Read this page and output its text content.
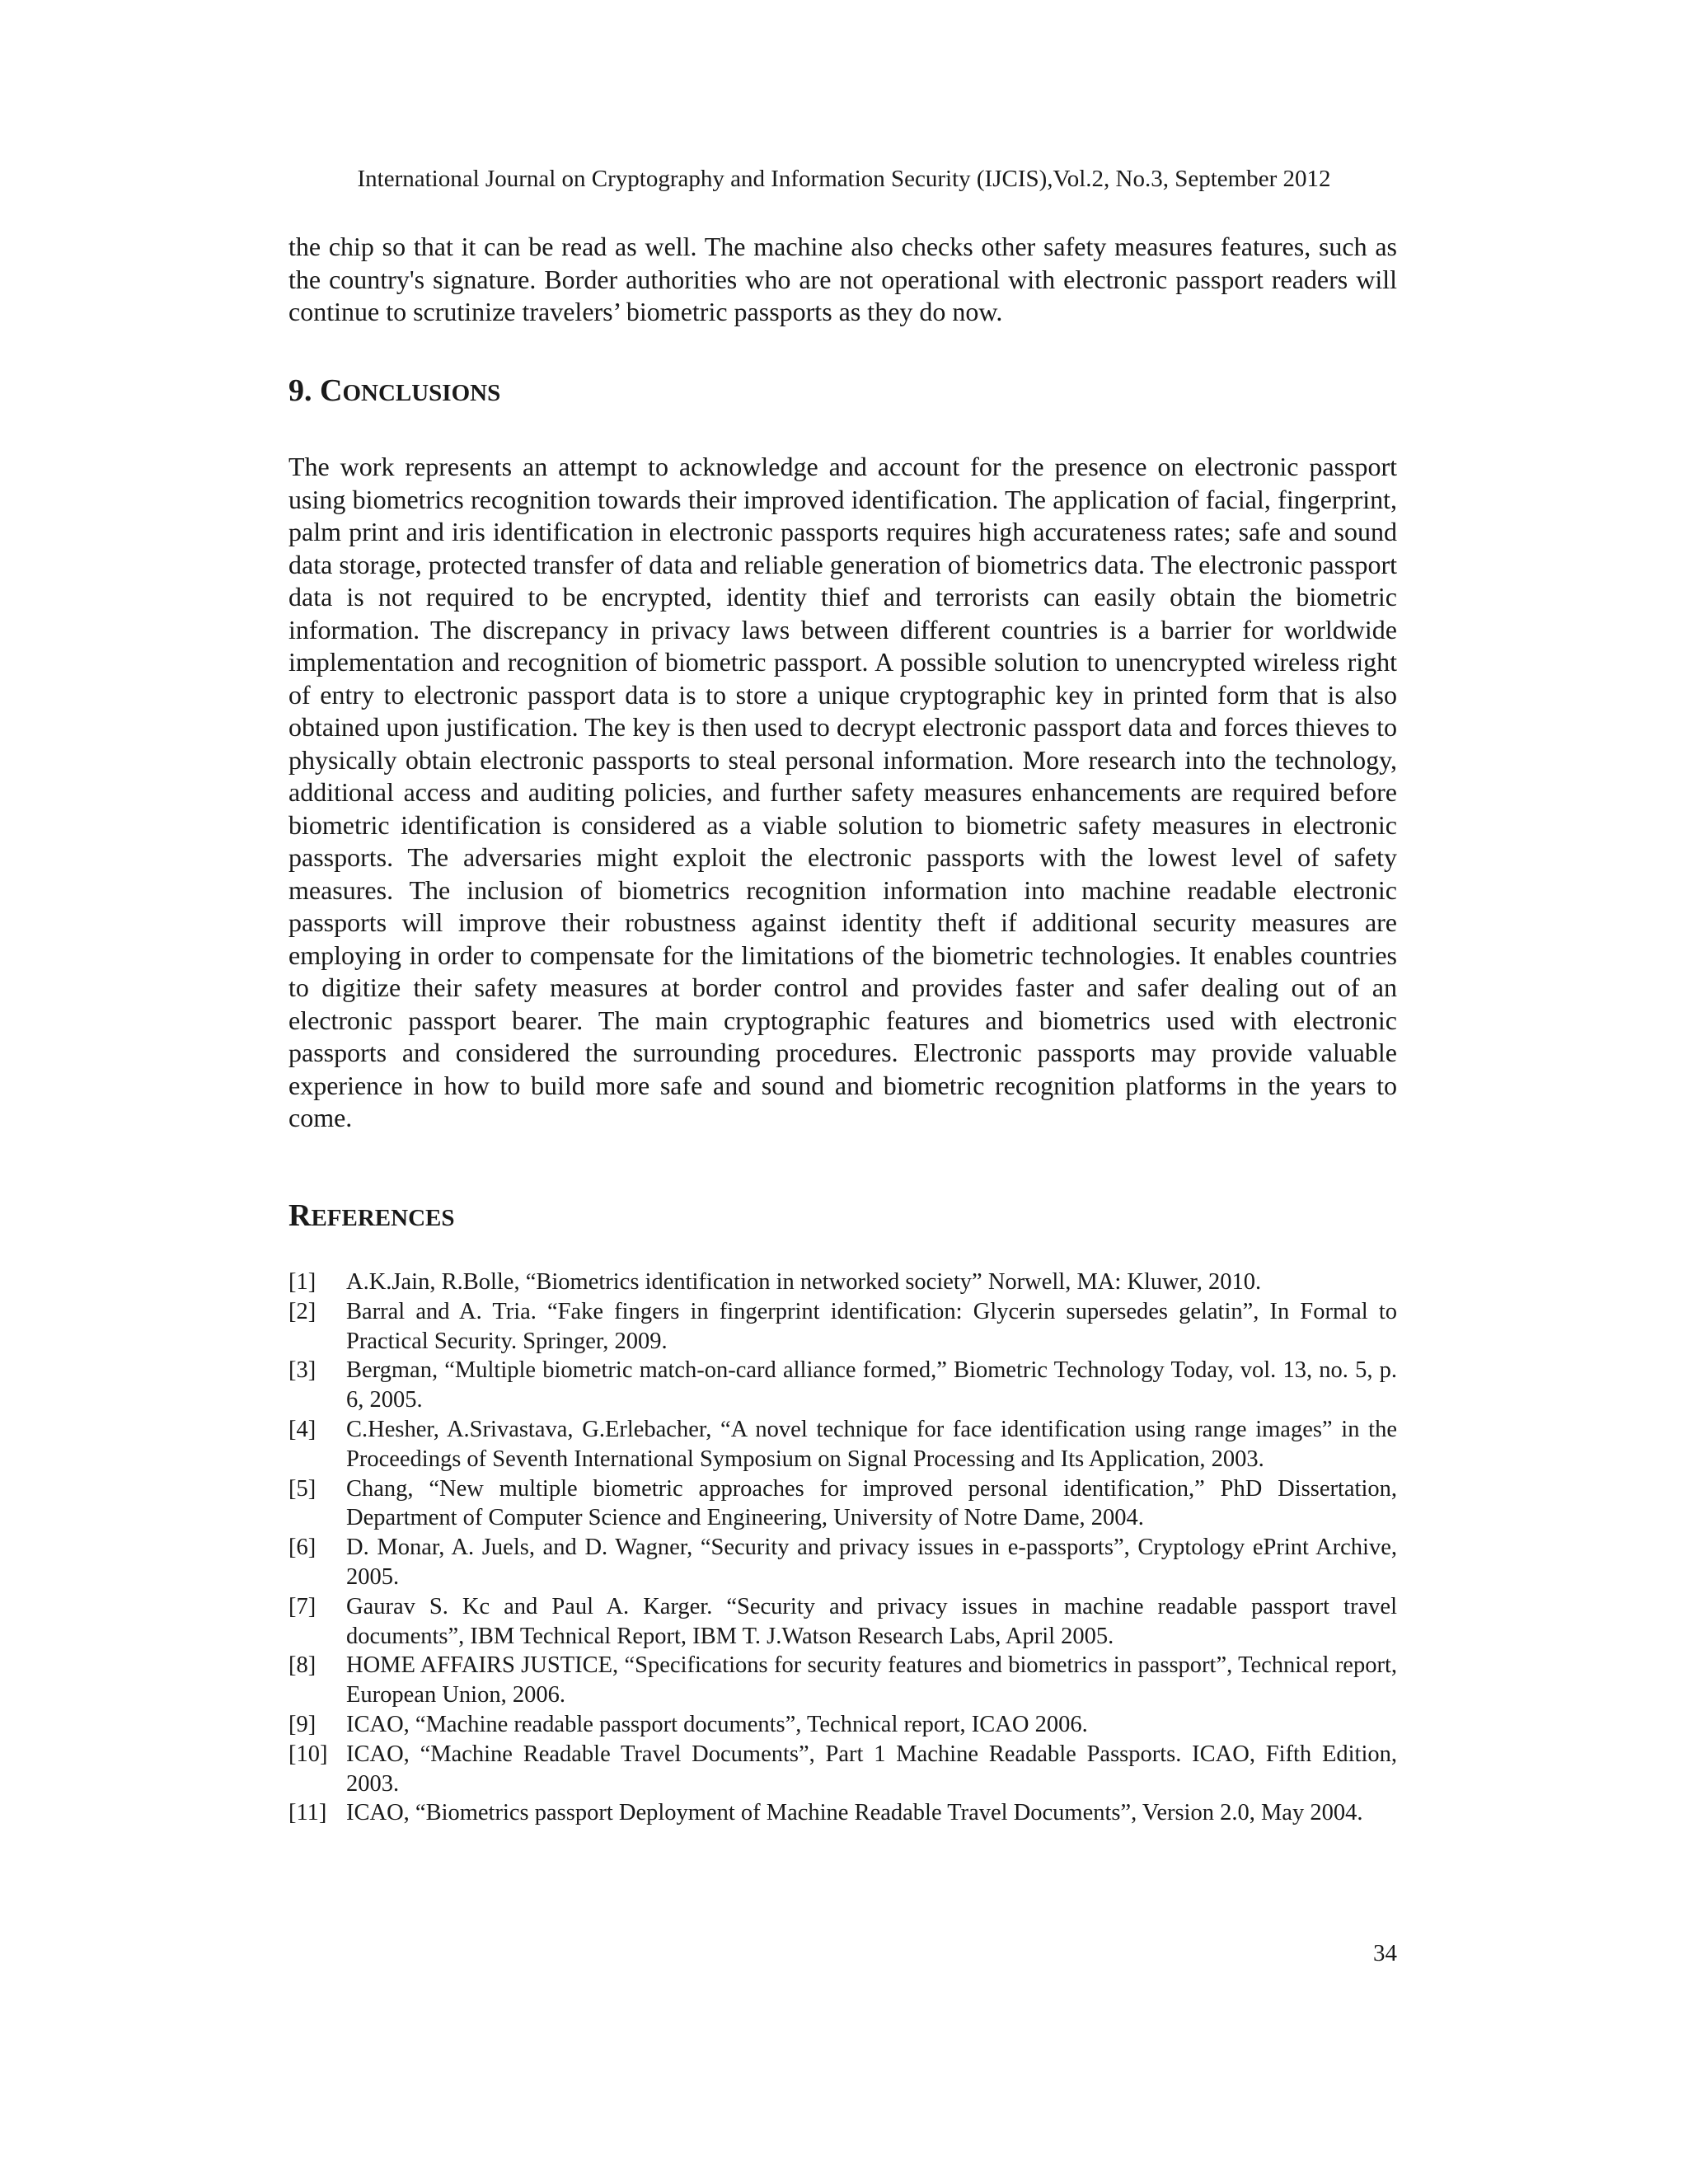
International Journal on Cryptography and Information Security (IJCIS),Vol.2, No.3, September 2012

the chip so that it can be read as well. The machine also checks other safety measures features, such as the country's signature. Border authorities who are not operational with electronic passport readers will continue to scrutinize travelers’ biometric passports as they do now.

9. CONCLUSIONS

The work represents an attempt to acknowledge and account for the presence on electronic passport using biometrics recognition towards their improved identification. The application of facial, fingerprint, palm print and iris identification in electronic passports requires high accurateness rates; safe and sound data storage, protected transfer of data and reliable generation of biometrics data. The electronic passport data is not required to be encrypted, identity thief and terrorists can easily obtain the biometric information. The discrepancy in privacy laws between different countries is a barrier for worldwide implementation and recognition of biometric passport. A possible solution to unencrypted wireless right of entry to electronic passport data is to store a unique cryptographic key in printed form that is also obtained upon justification. The key is then used to decrypt electronic passport data and forces thieves to physically obtain electronic passports to steal personal information. More research into the technology, additional access and auditing policies, and further safety measures enhancements are required before biometric identification is considered as a viable solution to biometric safety measures in electronic passports. The adversaries might exploit the electronic passports with the lowest level of safety measures. The inclusion of biometrics recognition information into machine readable electronic passports will improve their robustness against identity theft if additional security measures are employing in order to compensate for the limitations of the biometric technologies. It enables countries to digitize their safety measures at border control and provides faster and safer dealing out of an electronic passport bearer. The main cryptographic features and biometrics used with electronic passports and considered the surrounding procedures. Electronic passports may provide valuable experience in how to build more safe and sound and biometric recognition platforms in the years to come.

REFERENCES
[1] A.K.Jain, R.Bolle, “Biometrics identification in networked society” Norwell, MA: Kluwer, 2010.
[2] Barral and A. Tria. “Fake fingers in fingerprint identification: Glycerin supersedes gelatin”, In Formal to Practical Security. Springer, 2009.
[3] Bergman, “Multiple biometric match-on-card alliance formed,” Biometric Technology Today, vol. 13, no. 5, p. 6, 2005.
[4] C.Hesher, A.Srivastava, G.Erlebacher, “A novel technique for face identification using range images” in the Proceedings of Seventh International Symposium on Signal Processing and Its Application, 2003.
[5] Chang, “New multiple biometric approaches for improved personal identification,” PhD Dissertation, Department of Computer Science and Engineering, University of Notre Dame, 2004.
[6] D. Monar, A. Juels, and D. Wagner, “Security and privacy issues in e-passports”, Cryptology ePrint Archive, 2005.
[7] Gaurav S. Kc and Paul A. Karger. “Security and privacy issues in machine readable passport travel documents”, IBM Technical Report, IBM T. J.Watson Research Labs, April 2005.
[8] HOME AFFAIRS JUSTICE, “Specifications for security features and biometrics in passport”, Technical report, European Union, 2006.
[9] ICAO, “Machine readable passport documents”, Technical report, ICAO 2006.
[10] ICAO, “Machine Readable Travel Documents”, Part 1 Machine Readable Passports. ICAO, Fifth Edition, 2003.
[11] ICAO, “Biometrics passport Deployment of Machine Readable Travel Documents”, Version 2.0, May 2004.
34
